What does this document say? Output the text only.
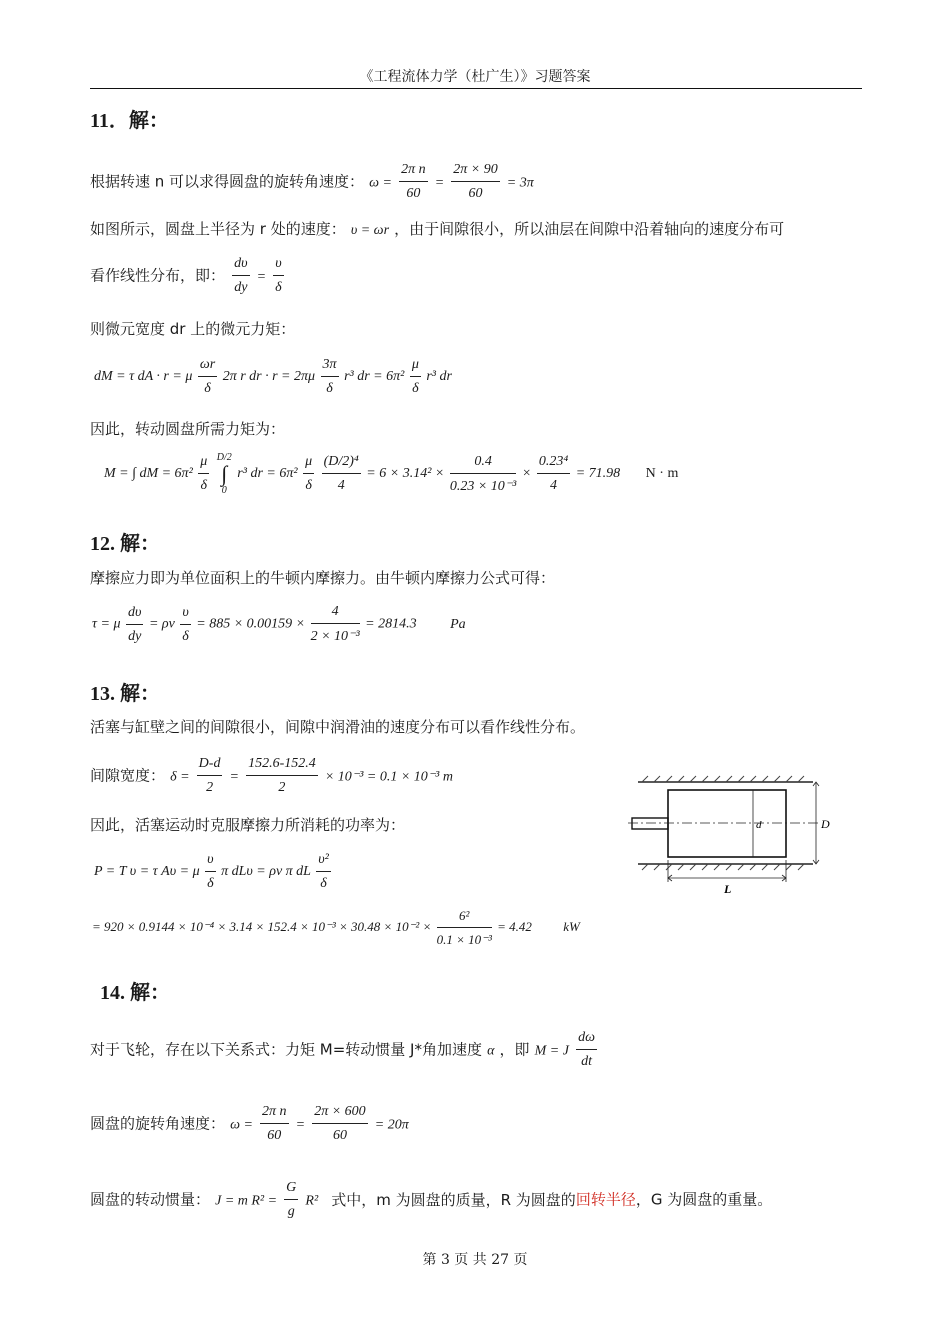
《工程流体力学（杜广生）》习题答案
11．解：
根据转速 n 可以求得圆盘的旋转角速度： $\omega = \frac{\text{2π n}}{60} = \frac{2\pi \times 90}{60} = 3\pi$
如图所示，圆盘上半径为 r 处的速度： υ = ωr ，由于间隙很小，所以油层在间隙中沿着轴向的速度分布可
看作线性分布，即： $\frac{d\upsilon}{dy} = \frac{\upsilon}{\delta}$
则微元宽度 dr 上的微元力矩：
dM = τ dA · r = μ $\frac{\omega r}{\delta} 2\pi$ r dr · $r = 2\pi\mu \frac{3\pi}{\delta} r^3$ dr = $6\pi^2 \frac{\mu}{\delta} r^3$ dr
因此，转动圆盘所需力矩为：
M = ∫ dM = $6\pi^2 \frac{\mu}{\delta}$
D/2
∫
0
r³ dr = $6\pi^2 \frac{\mu}{\delta}$
$\frac{\text{(D/2)⁴}}{4} = 6 \times 3.14^2 \times \frac{0.4}{\text{0.23 × 10⁻³}} \times \frac{\text{0.23⁴}}{4} = 71.98$ N · m
12. 解：
摩擦应力即为单位面积上的牛顿内摩擦力。由牛顿内摩擦力公式可得：
τ = μ $\frac{d\upsilon}{dy} = \rho\nu \frac{\upsilon}{\delta} = 885 \times 0.00159 \times \frac{4}{\text{2 × 10⁻³}} = 2814.3$ Pa
13. 解：
活塞与缸壁之间的间隙很小，间隙中润滑油的速度分布可以看作线性分布。
间隙宽度： $\delta = \frac{D-d}{2} = \frac{152.6-152.4}{2} \times 10^{-3} = 0.1 \times 10^{-3}$ m
因此，活塞运动时克服摩擦力所消耗的功率为：
P = T υ = τ Aυ = μ $\frac{\upsilon}{\delta}$ π dLυ = ρν π dL $\frac{\text{υ²}}{\delta}$
= $920 \times 0.9144 \times 10^{-4} \times 3.14 \times 152.4 \times 10^{-3} \times 30.48 \times 10^{-2} \times \frac{\text{6²}}{\text{0.1 × 10⁻³}} = 4.42$ kW
d	D
L
14. 解：
对于飞轮，存在以下关系式：力矩 M=转动惯量 J*角加速度 α ，即 M = J $\frac{d\omega}{dt}$
圆盘的旋转角速度： $\omega = \frac{\text{2π n}}{60} = \frac{2\pi \times 600}{60} = 20\pi$
圆盘的转动惯量： J = m $R^2 = \frac{G}{g} R^2$ 式中，m 为圆盘的质量，R 为圆盘的回转半径，G 为圆盘的重量。
第 3 页 共 27 页
